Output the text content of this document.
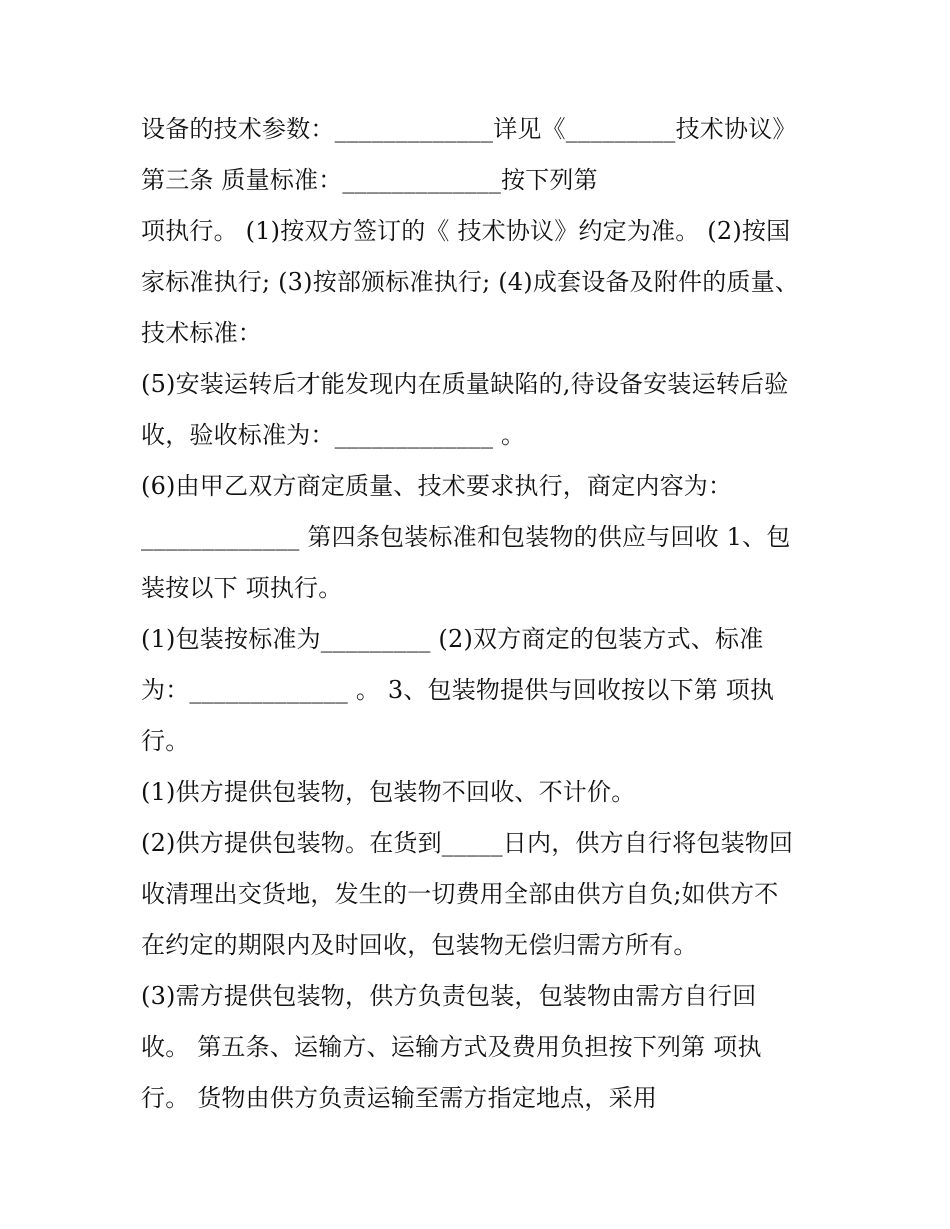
设备的技术参数：_____________详见《_________技术协议》
第三条 质量标准：_____________按下列第
项执行。 (1)按双方签订的《 技术协议》约定为准。 (2)按国
家标准执行; (3)按部颁标准执行; (4)成套设备及附件的质量、
技术标准：
(5)安装运转后才能发现内在质量缺陷的,待设备安装运转后验
收，验收标准为：_____________ 。
(6)由甲乙双方商定质量、技术要求执行，商定内容为：
_____________ 第四条包装标准和包装物的供应与回收 1、包
装按以下 项执行。
(1)包装按标准为_________ (2)双方商定的包装方式、标准
为：_____________ 。 3、包装物提供与回收按以下第 项执
行。
(1)供方提供包装物，包装物不回收、不计价。
(2)供方提供包装物。在货到_____日内，供方自行将包装物回
收清理出交货地，发生的一切费用全部由供方自负;如供方不
在约定的期限内及时回收，包装物无偿归需方所有。
(3)需方提供包装物，供方负责包装，包装物由需方自行回
收。 第五条、运输方、运输方式及费用负担按下列第 项执
行。 货物由供方负责运输至需方指定地点，采用
